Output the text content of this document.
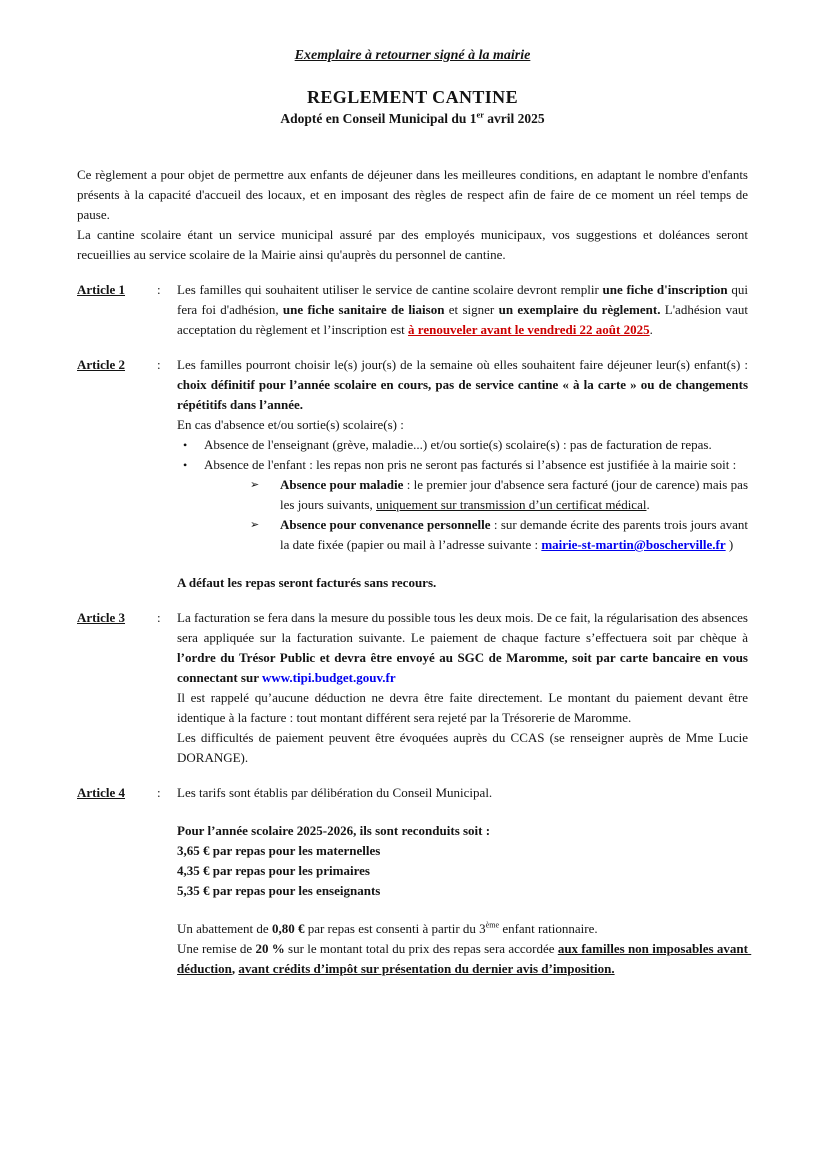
Exemplaire à retourner signé à la mairie
REGLEMENT CANTINE
Adopté en Conseil Municipal du 1er avril 2025
Ce règlement a pour objet de permettre aux enfants de déjeuner dans les meilleures conditions, en adaptant le nombre d'enfants présents à la capacité d'accueil des locaux, et en imposant des règles de respect afin de faire de ce moment un réel temps de pause.
La cantine scolaire étant un service municipal assuré par des employés municipaux, vos suggestions et doléances seront recueillies au service scolaire de la Mairie ainsi qu'auprès du personnel de cantine.
Article 1	:	Les familles qui souhaitent utiliser le service de cantine scolaire devront remplir une fiche d'inscription qui fera foi d'adhésion, une fiche sanitaire de liaison et signer un exemplaire du règlement. L'adhésion vaut acceptation du règlement et l’inscription est à renouveler avant le vendredi 22 août 2025.
Article 2	:	Les familles pourront choisir le(s) jour(s) de la semaine où elles souhaitent faire déjeuner leur(s) enfant(s) : choix définitif pour l’année scolaire en cours, pas de service cantine « à la carte » ou de changements répétitifs dans l’année.
En cas d'absence et/ou sortie(s) scolaire(s) :
•	Absence de l'enseignant (grève, maladie...) et/ou sortie(s) scolaire(s) : pas de facturation de repas.
•	Absence de l'enfant : les repas non pris ne seront pas facturés si l’absence est justifiée à la mairie soit :
➢	Absence pour maladie : le premier jour d'absence sera facturé (jour de carence) mais pas les jours suivants, uniquement sur transmission d’un certificat médical.
➢	Absence pour convenance personnelle : sur demande écrite des parents trois jours avant la date fixée (papier ou mail à l’adresse suivante : mairie-st-martin@boscherville.fr )
A défaut les repas seront facturés sans recours.
Article 3	:	La facturation se fera dans la mesure du possible tous les deux mois. De ce fait, la régularisation des absences sera appliquée sur la facturation suivante. Le paiement de chaque facture s’effectuera soit par chèque à l’ordre du Trésor Public et devra être envoyé au SGC de Maromme, soit par carte bancaire en vous connectant sur www.tipi.budget.gouv.fr
Il est rappelé qu’aucune déduction ne devra être faite directement. Le montant du paiement devant être identique à la facture : tout montant différent sera rejeté par la Trésorerie de Maromme.
Les difficultés de paiement peuvent être évoquées auprès du CCAS (se renseigner auprès de Mme Lucie DORANGE).
Article 4	:	Les tarifs sont établis par délibération du Conseil Municipal.
Pour l’année scolaire 2025-2026, ils sont reconduits soit :
3,65 € par repas pour les maternelles
4,35 € par repas pour les primaires
5,35 € par repas pour les enseignants
Un abattement de 0,80 € par repas est consenti à partir du 3ème enfant rationnaire.
Une remise de 20 % sur le montant total du prix des repas sera accordée aux familles non imposables avant déduction, avant crédits d’impôt sur présentation du dernier avis d’imposition.
